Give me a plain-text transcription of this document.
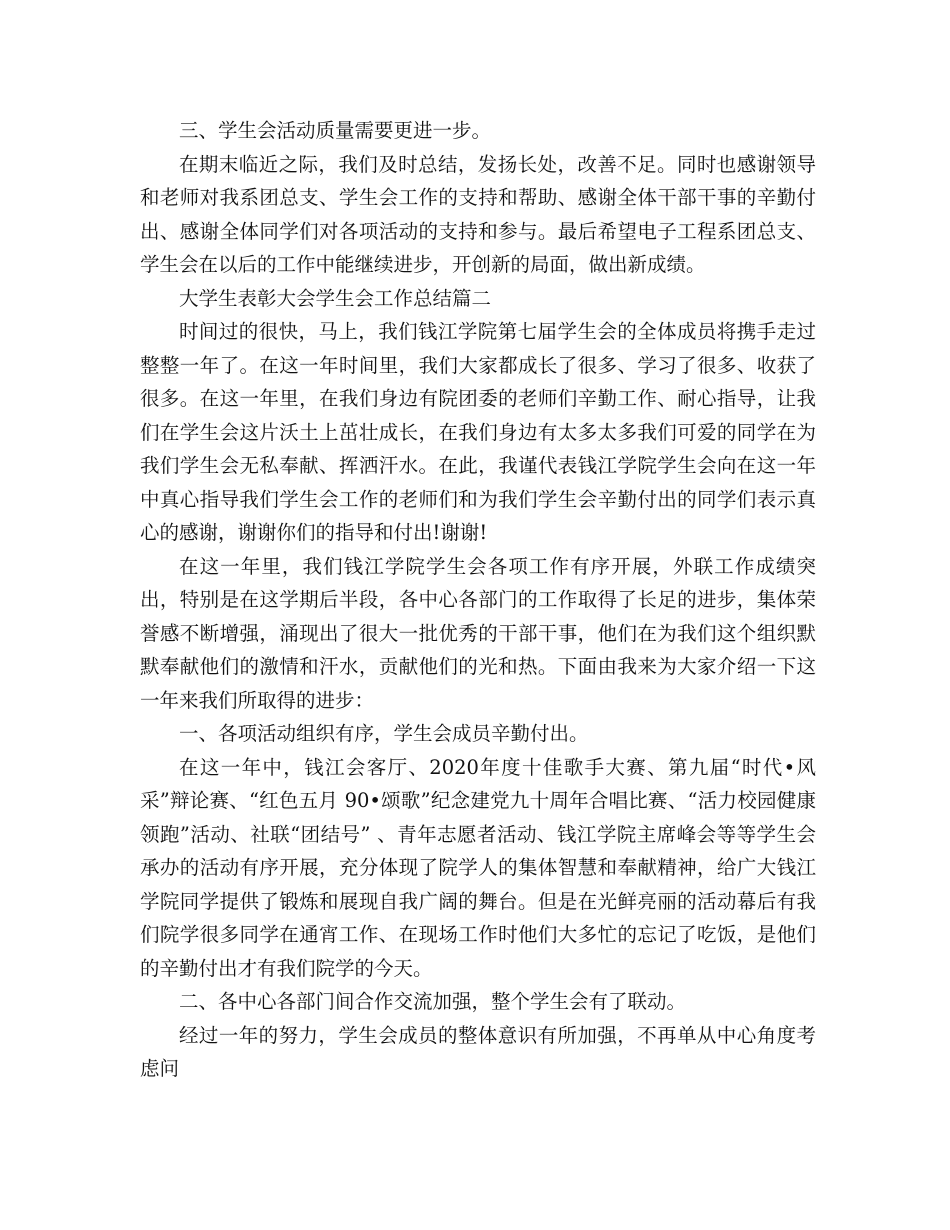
三、学生会活动质量需要更进一步。

在期末临近之际，我们及时总结，发扬长处，改善不足。同时也感谢领导和老师对我系团总支、学生会工作的支持和帮助、感谢全体干部干事的辛勤付出、感谢全体同学们对各项活动的支持和参与。最后希望电子工程系团总支、学生会在以后的工作中能继续进步，开创新的局面，做出新成绩。

大学生表彰大会学生会工作总结篇二

时间过的很快，马上，我们钱江学院第七届学生会的全体成员将携手走过整整一年了。在这一年时间里，我们大家都成长了很多、学习了很多、收获了很多。在这一年里，在我们身边有院团委的老师们辛勤工作、耐心指导，让我们在学生会这片沃土上茁壮成长，在我们身边有太多太多我们可爱的同学在为我们学生会无私奉献、挥洒汗水。在此，我谨代表钱江学院学生会向在这一年中真心指导我们学生会工作的老师们和为我们学生会辛勤付出的同学们表示真心的感谢，谢谢你们的指导和付出!谢谢!

在这一年里，我们钱江学院学生会各项工作有序开展，外联工作成绩突出，特别是在这学期后半段，各中心各部门的工作取得了长足的进步，集体荣誉感不断增强，涌现出了很大一批优秀的干部干事，他们在为我们这个组织默默奉献他们的激情和汗水，贡献他们的光和热。下面由我来为大家介绍一下这一年来我们所取得的进步：

一、各项活动组织有序，学生会成员辛勤付出。

在这一年中，钱江会客厅、2020年度十佳歌手大赛、第九届“时代•风采”辩论赛、“红色五月 90•颂歌”纪念建党九十周年合唱比赛、“活力校园健康领跑”活动、社联“团结号” 、青年志愿者活动、钱江学院主席峰会等等学生会承办的活动有序开展，充分体现了院学人的集体智慧和奉献精神，给广大钱江学院同学提供了锻炼和展现自我广阔的舞台。但是在光鲜亮丽的活动幕后有我们院学很多同学在通宵工作、在现场工作时他们大多忙的忘记了吃饭，是他们的辛勤付出才有我们院学的今天。

二、各中心各部门间合作交流加强，整个学生会有了联动。

经过一年的努力，学生会成员的整体意识有所加强，不再单从中心角度考虑问
